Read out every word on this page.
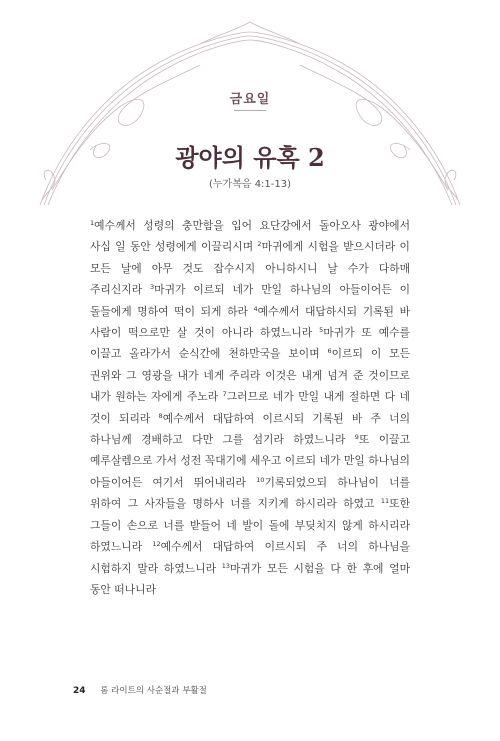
금요일
광야의 유혹 2
(누가복음 4:1-13)
$^1$예수께서 성령의 충만함을 입어 요단강에서 돌아오사 광야에서 사십 일 동안 성령에게 이끌리시며 $^2$마귀에게 시험을 받으시더라 이 모든 날에 아무 것도 잡수시지 아니하시니 날 수가 다하매 주리신지라 $^3$마귀가 이르되 네가 만일 하나님의 아들이어든 이 돌들에게 명하여 떡이 되게 하라 $^4$예수께서 대답하시되 기록된 바 사람이 떡으로만 살 것이 아니라 하였느니라 $^5$마귀가 또 예수를 이끌고 올라가서 순식간에 천하만국을 보이며 $^6$이르되 이 모든 권위와 그 영광을 내가 네게 주리라 이것은 내게 넘겨 준 것이므로 내가 원하는 자에게 주노라 $^7$그러므로 네가 만일 내게 절하면 다 네 것이 되리라 $^8$예수께서 대답하여 이르시되 기록된 바 주 너의 하나님께 경배하고 다만 그를 섬기라 하였느니라 $^9$또 이끌고 예루살렘으로 가서 성전 꼭대기에 세우고 이르되 네가 만일 하나님의 아들이어든 여기서 뛰어내리라 $^{10}$기록되었으되 하나님이 너를 위하여 그 사자들을 명하사 너를 지키게 하시리라 하였고 $^{11}$또한 그들이 손으로 너를 받들어 네 발이 돌에 부딪치지 않게 하시리라 하였느니라 $^{12}$예수께서 대답하여 이르시되 주 너의 하나님을 시험하지 말라 하였느니라 $^{13}$마귀가 모든 시험을 다 한 후에 얼마 동안 떠나니라
24 롬 라이트의 사순절과 부활절
